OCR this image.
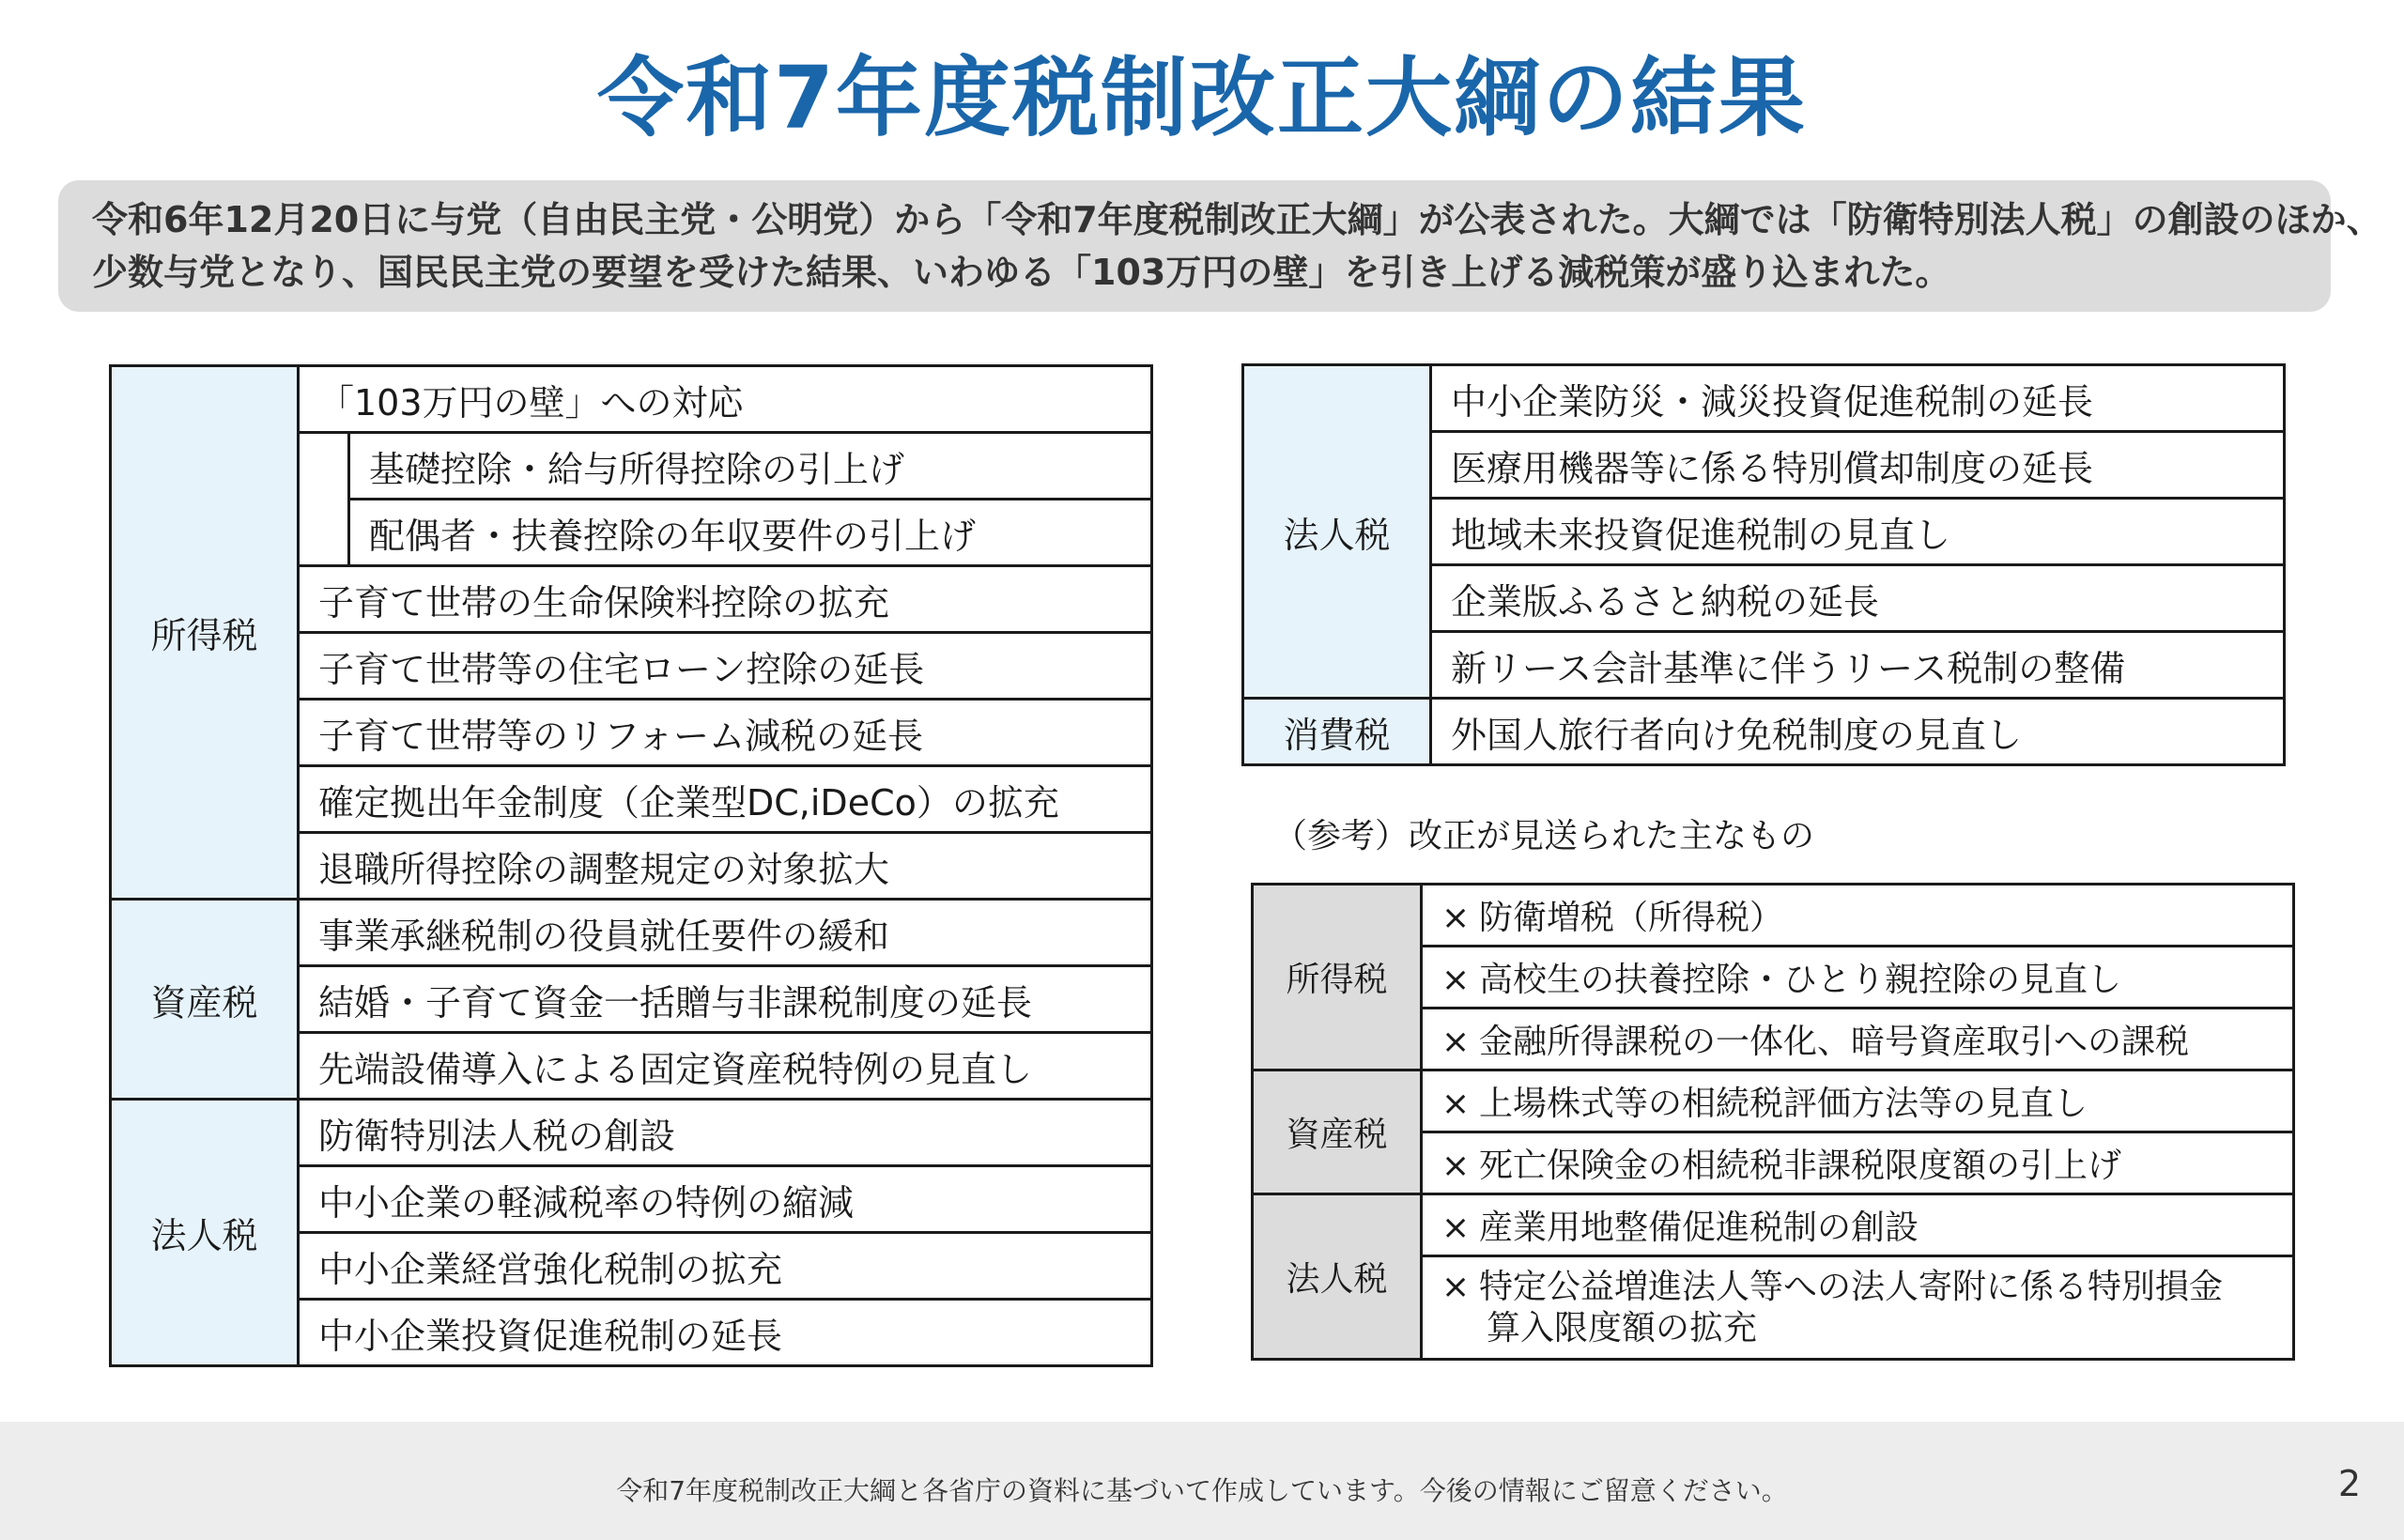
令和7年度税制改正大綱の結果
令和6年12月20日に与党（自由民主党・公明党）から「令和7年度税制改正大綱」が公表された。大綱では「防衛特別法人税」の創設のほか、
少数与党となり、国民民主党の要望を受けた結果、いわゆる「103万円の壁」を引き上げる減税策が盛り込まれた。
所得税	「103万円の壁」への対応	
		基礎控除・給与所得控除の引上げ
		配偶者・扶養控除の年収要件の引上げ
	子育て世帯の生命保険料控除の拡充	
	子育て世帯等の住宅ローン控除の延長	
	子育て世帯等のリフォーム減税の延長	
	確定拠出年金制度（企業型DC,iDeCo）の拡充	
	退職所得控除の調整規定の対象拡大	
資産税	事業承継税制の役員就任要件の緩和	
	結婚・子育て資金一括贈与非課税制度の延長	
	先端設備導入による固定資産税特例の見直し	
法人税	防衛特別法人税の創設	
	中小企業の軽減税率の特例の縮減	
	中小企業経営強化税制の拡充	
	中小企業投資促進税制の延長	
法人税	中小企業防災・減災投資促進税制の延長
	医療用機器等に係る特別償却制度の延長
	地域未来投資促進税制の見直し
	企業版ふるさと納税の延長
	新リース会計基準に伴うリース税制の整備
消費税	外国人旅行者向け免税制度の見直し
（参考）改正が見送られた主なもの
所得税	× 防衛増税（所得税）
	× 高校生の扶養控除・ひとり親控除の見直し
	× 金融所得課税の一体化、暗号資産取引への課税
資産税	× 上場株式等の相続税評価方法等の見直し
	× 死亡保険金の相続税非課税限度額の引上げ
法人税	× 産業用地整備促進税制の創設
	× 特定公益増進法人等への法人寄附に係る特別損金
算入限度額の拡充
令和7年度税制改正大綱と各省庁の資料に基づいて作成しています。今後の情報にご留意ください。	2
